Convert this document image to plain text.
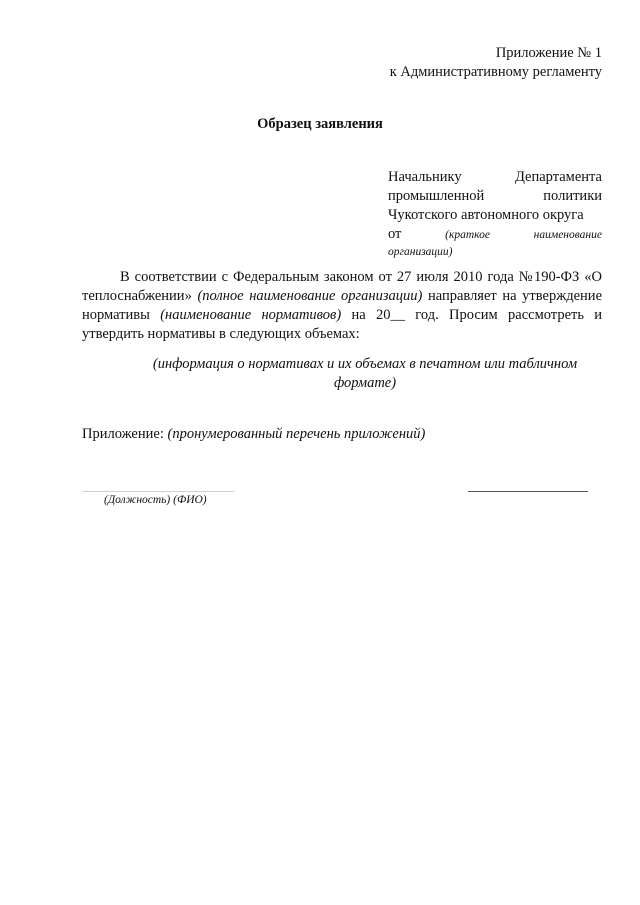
Приложение № 1
к Административному регламенту
Образец заявления
Начальнику	Департамента
промышленной	политики
Чукотского автономного округа
от	(краткое	наименование
организации)
В соответствии с Федеральным законом от 27 июля 2010 года №190-ФЗ «О теплоснабжении» (полное наименование организации) направляет на утверждение нормативы (наименование нормативов) на 20__ год. Просим рассмотреть и утвердить нормативы в следующих объемах:
(информация о нормативах и их объемах в печатном или табличном формате)
Приложение: (пронумерованный перечень приложений)
(Должность) (ФИО)
